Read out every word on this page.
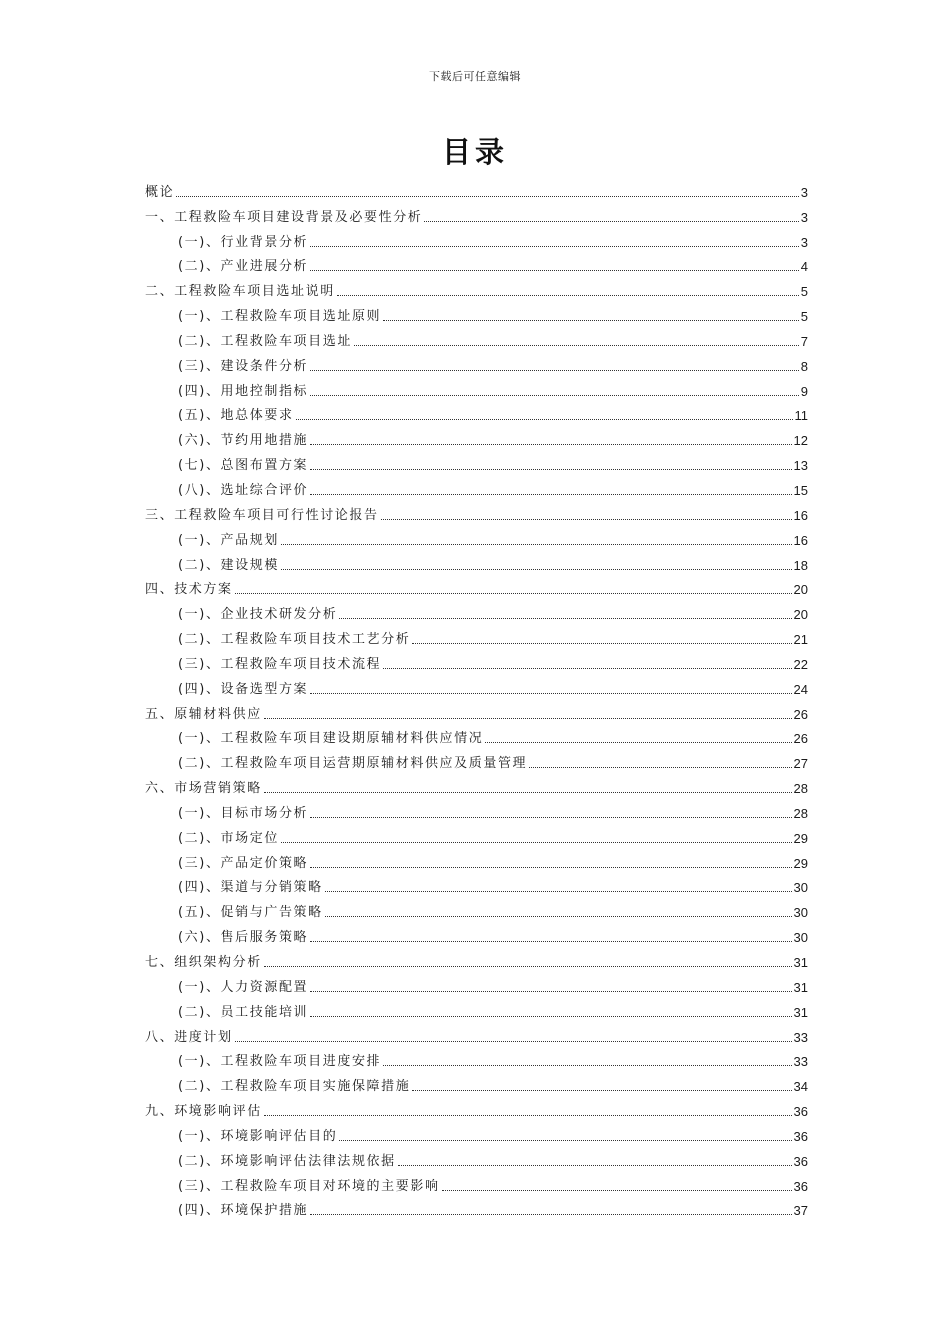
下载后可任意编辑
目录
概论	3
一、工程救险车项目建设背景及必要性分析	3
(一)、行业背景分析	3
(二)、产业进展分析	4
二、工程救险车项目选址说明	5
(一)、工程救险车项目选址原则	5
(二)、工程救险车项目选址	7
(三)、建设条件分析	8
(四)、用地控制指标	9
(五)、地总体要求	11
(六)、节约用地措施	12
(七)、总图布置方案	13
(八)、选址综合评价	15
三、工程救险车项目可行性讨论报告	16
(一)、产品规划	16
(二)、建设规模	18
四、技术方案	20
(一)、企业技术研发分析	20
(二)、工程救险车项目技术工艺分析	21
(三)、工程救险车项目技术流程	22
(四)、设备选型方案	24
五、原辅材料供应	26
(一)、工程救险车项目建设期原辅材料供应情况	26
(二)、工程救险车项目运营期原辅材料供应及质量管理	27
六、市场营销策略	28
(一)、目标市场分析	28
(二)、市场定位	29
(三)、产品定价策略	29
(四)、渠道与分销策略	30
(五)、促销与广告策略	30
(六)、售后服务策略	30
七、组织架构分析	31
(一)、人力资源配置	31
(二)、员工技能培训	31
八、进度计划	33
(一)、工程救险车项目进度安排	33
(二)、工程救险车项目实施保障措施	34
九、环境影响评估	36
(一)、环境影响评估目的	36
(二)、环境影响评估法律法规依据	36
(三)、工程救险车项目对环境的主要影响	36
(四)、环境保护措施	37
